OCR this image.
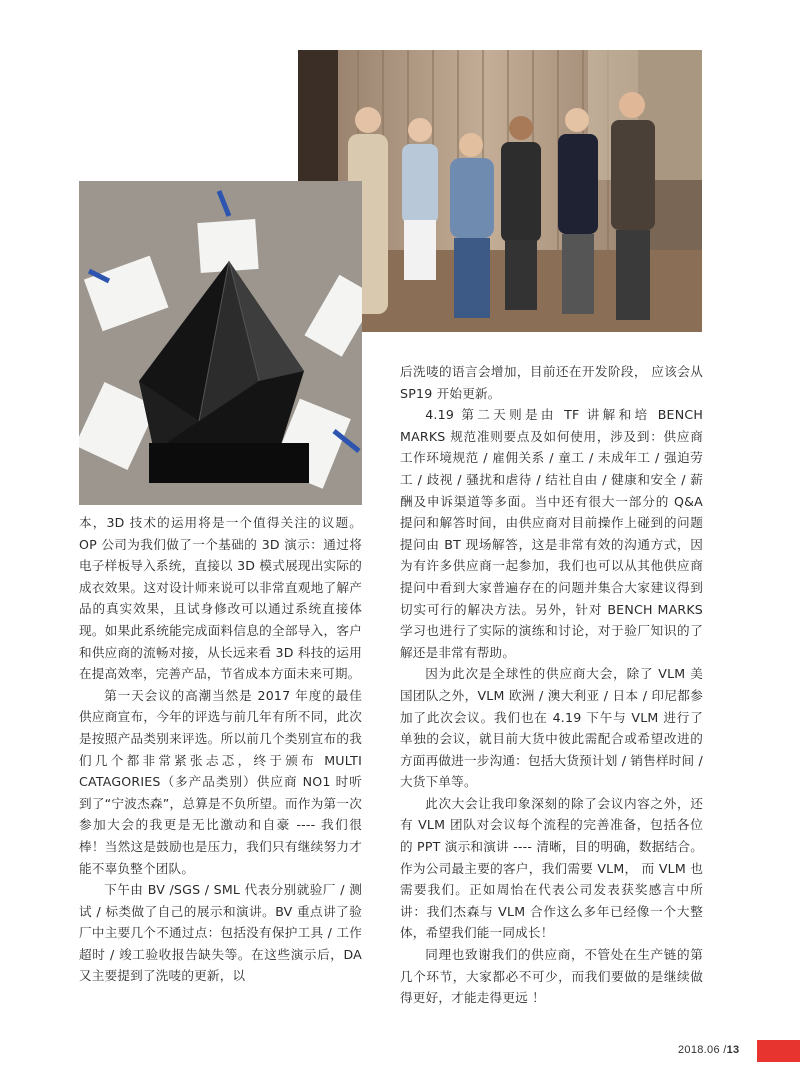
本，3D 技术的运用将是一个值得关注的议题。OP 公司为我们做了一个基础的 3D 演示：通过将电子样板导入系统，直接以 3D 模式展现出实际的成衣效果。这对设计师来说可以非常直观地了解产品的真实效果，且试身修改可以通过系统直接体现。如果此系统能完成面料信息的全部导入，客户和供应商的流畅对接，从长远来看 3D 科技的运用在提高效率，完善产品，节省成本方面未来可期。

第一天会议的高潮当然是 2017 年度的最佳供应商宣布，今年的评选与前几年有所不同，此次是按照产品类别来评选。所以前几个类别宣布的我们几个都非常紧张忐忑，终于颁布 MULTI CATAGORIES（多产品类别）供应商 NO1 时听到了“宁波杰森”，总算是不负所望。而作为第一次参加大会的我更是无比激动和自豪 ---- 我们很棒！当然这是鼓励也是压力，我们只有继续努力才能不辜负整个团队。

下午由 BV /SGS / SML 代表分别就验厂 / 测试 / 标类做了自己的展示和演讲。BV 重点讲了验厂中主要几个不通过点：包括没有保护工具 / 工作超时 / 竣工验收报告缺失等。在这些演示后，DA 又主要提到了洗唛的更新，以

后洗唛的语言会增加，目前还在开发阶段， 应该会从 SP19 开始更新。

4.19 第二天则是由 TF 讲解和培 BENCH MARKS 规范准则要点及如何使用，涉及到：供应商工作环境规范 / 雇佣关系 / 童工 / 未成年工 / 强迫劳工 / 歧视 / 骚扰和虐待 / 结社自由 / 健康和安全 / 薪酬及申诉渠道等多面。当中还有很大一部分的 Q&A 提问和解答时间，由供应商对目前操作上碰到的问题提问由 BT 现场解答，这是非常有效的沟通方式，因为有许多供应商一起参加，我们也可以从其他供应商提问中看到大家普遍存在的问题并集合大家建议得到切实可行的解决方法。另外，针对 BENCH MARKS 学习也进行了实际的演练和讨论，对于验厂知识的了解还是非常有帮助。

因为此次是全球性的供应商大会，除了 VLM 美国团队之外，VLM 欧洲 / 澳大利亚 / 日本 / 印尼都参加了此次会议。我们也在 4.19 下午与 VLM 进行了单独的会议，就目前大货中彼此需配合或希望改进的方面再做进一步沟通：包括大货预计划 / 销售样时间 / 大货下单等。

此次大会让我印象深刻的除了会议内容之外，还有 VLM 团队对会议每个流程的完善准备，包括各位的 PPT 演示和演讲 ---- 清晰，目的明确，数据结合。作为公司最主要的客户，我们需要 VLM， 而 VLM 也需要我们。正如周怡在代表公司发表获奖感言中所讲：我们杰森与 VLM 合作这么多年已经像一个大整体，希望我们能一同成长！

同理也致谢我们的供应商，不管处在生产链的第几个环节，大家都必不可少，而我们要做的是继续做得更好，才能走得更远 ！

2018.06 /13
